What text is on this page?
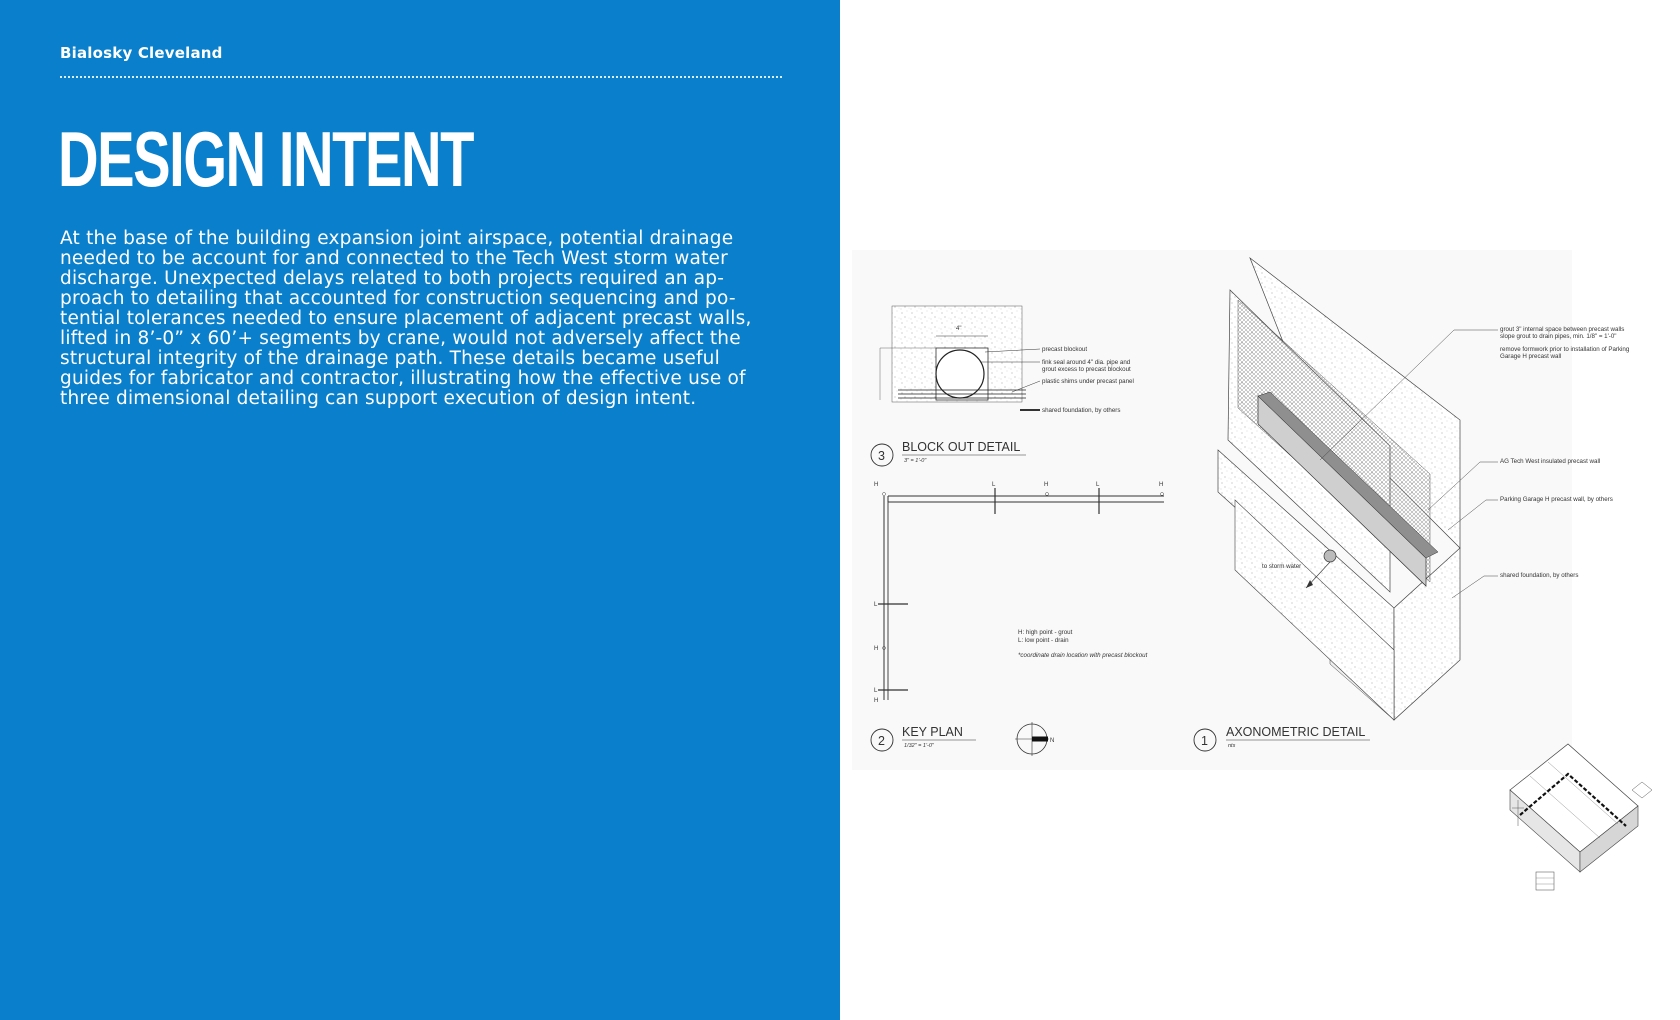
Bialosky Cleveland
DESIGN INTENT
At the base of the building expansion joint airspace, potential drainage
needed to be account for and connected to the Tech West storm water
discharge. Unexpected delays related to both projects required an ap-
proach to detailing that accounted for construction sequencing and po-
tential tolerances needed to ensure placement of adjacent precast walls,
lifted in 8’-0” x 60’+ segments by crane, would not adversely affect the
structural integrity of the drainage path. These details became useful
guides for fabricator and contractor, illustrating how the effective use of
three dimensional detailing can support execution of design intent.
4"
precast blockout
fink seal around 4" dia. pipe and
grout excess to precast blockout
plastic shims under precast panel
shared foundation, by others
3
BLOCK OUT DETAIL
3" = 1'-0"
H	L	H	L	H
L
H
L
H
H: high point - grout
L: low point - drain
*coordinate drain location with precast blockout
2
KEY PLAN
1/32" = 1'-0"
N
to storm water
grout 3" internal space between precast walls
slope grout to drain pipes, min. 1/8" = 1'-0"
remove formwork prior to installation of Parking
Garage H precast wall
AG Tech West insulated precast wall
Parking Garage H precast wall, by others
shared foundation, by others
1
AXONOMETRIC DETAIL
nts
